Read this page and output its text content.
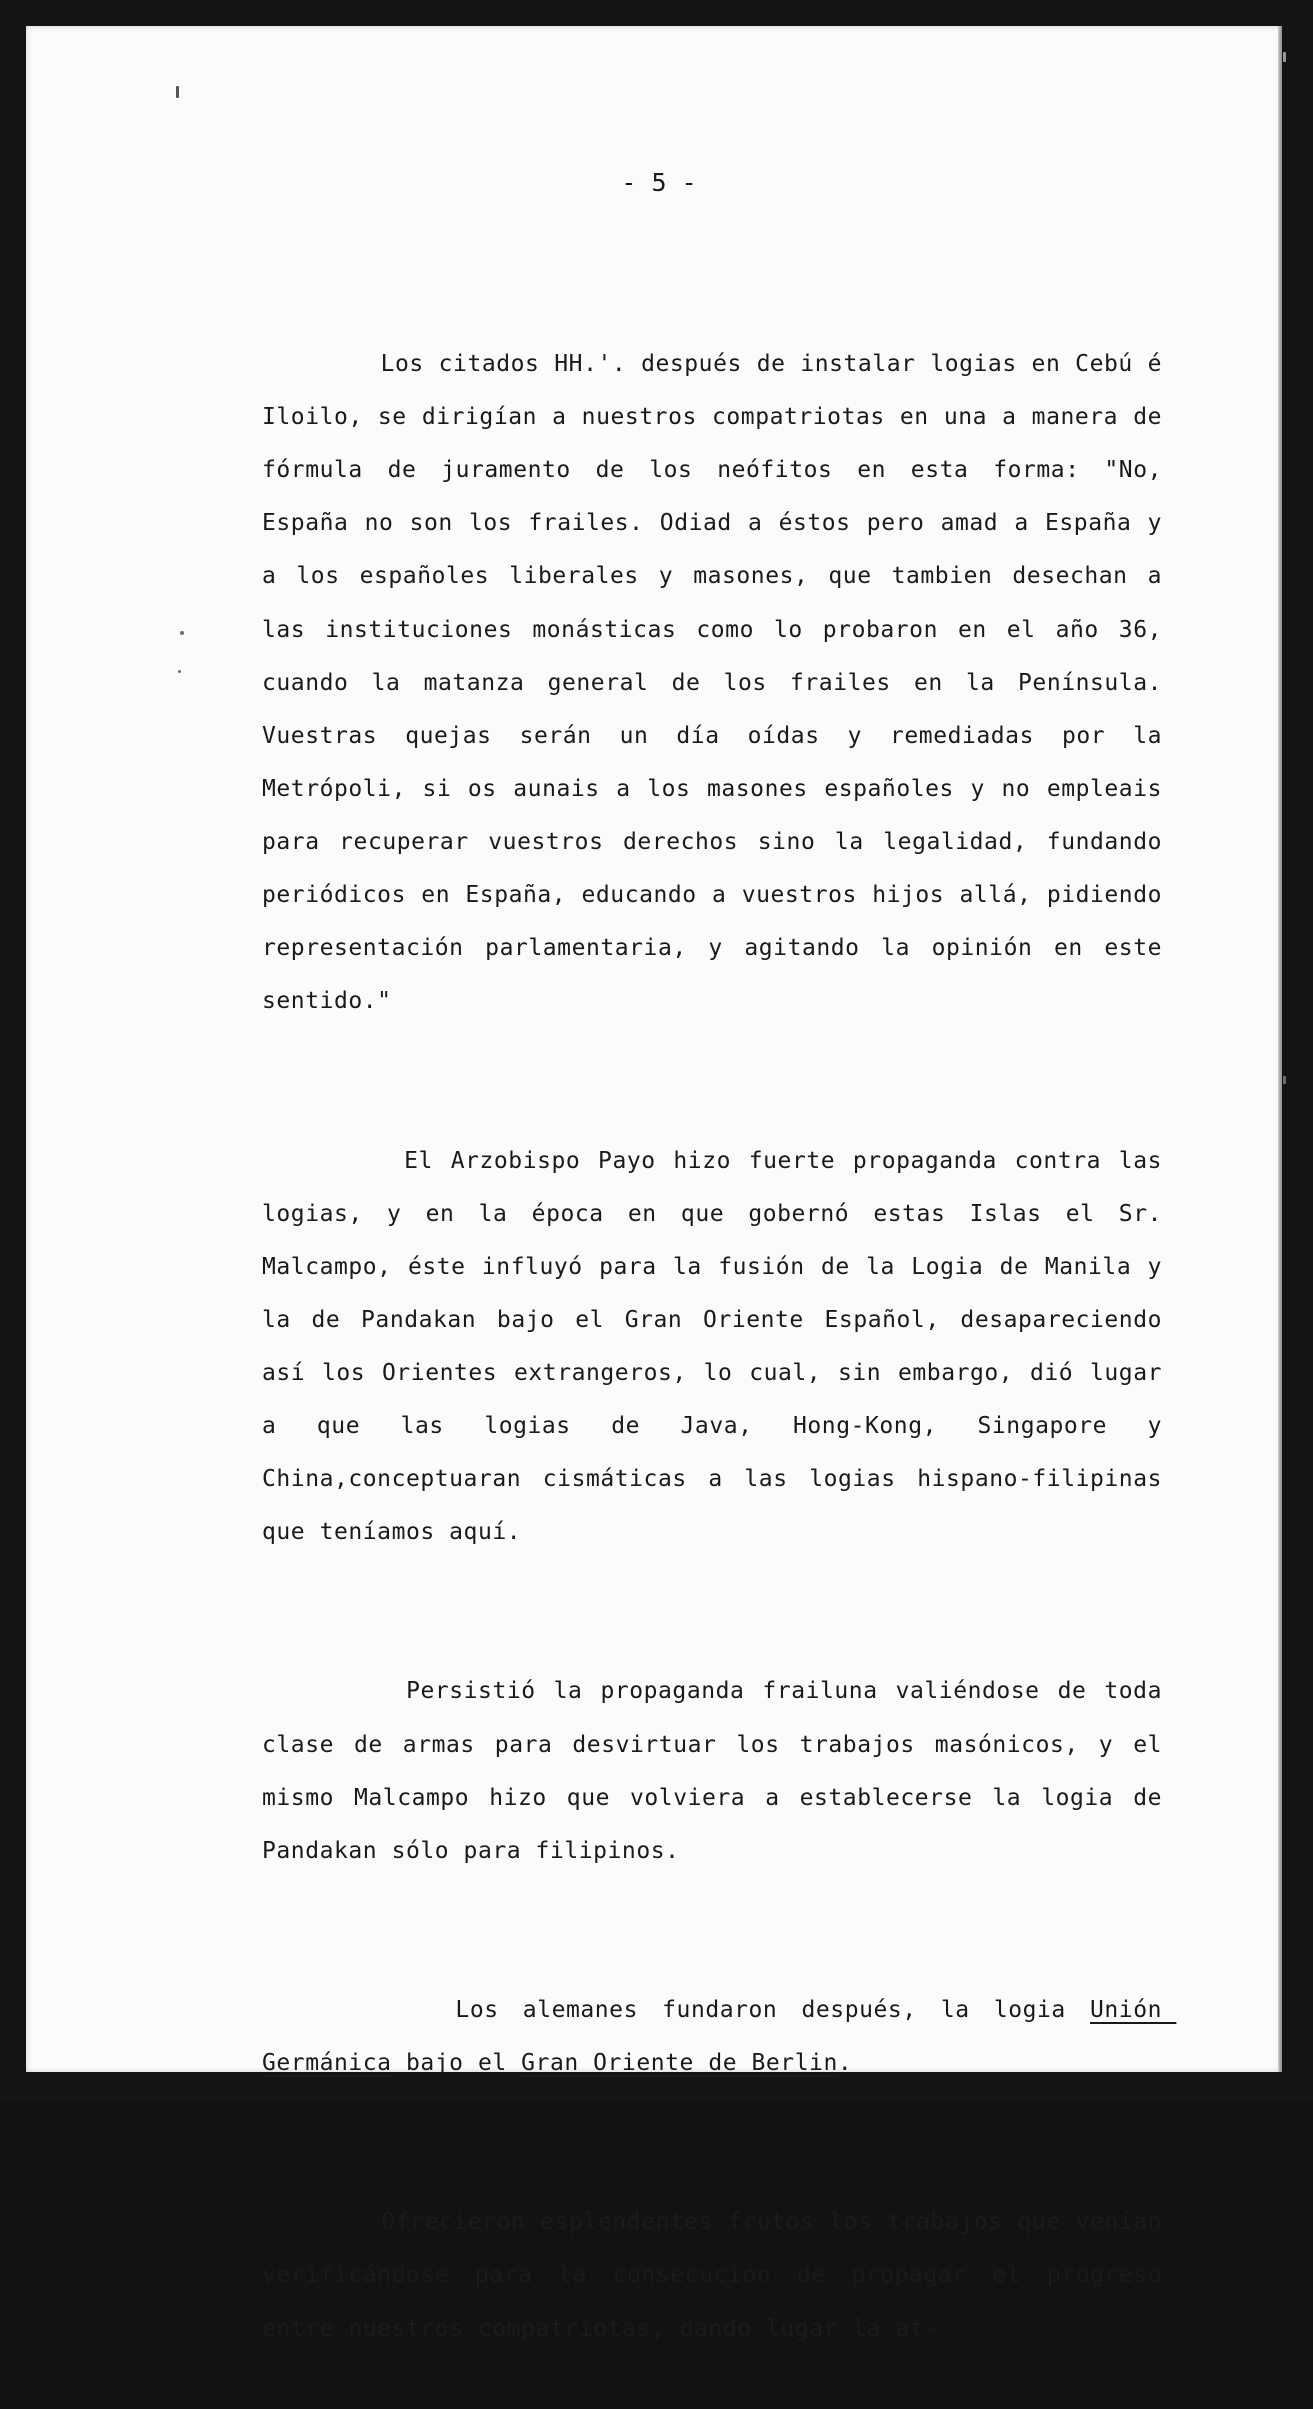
- 5 -

Los citados HH.'. después de instalar logias en Cebú é Iloilo, se dirigían a nuestros compatriotas en una a manera de fórmula de juramento de los neófitos en esta forma: "No, España no son los frailes. Odiad a éstos pero amad a España y a los españoles liberales y masones, que tambien desechan a las instituciones monásticas como lo probaron en el año 36, cuando la matanza general de los frailes en la Península. Vuestras quejas serán un día oídas y remediadas por la Metrópoli, si os aunais a los masones españoles y no empleais para recuperar vuestros derechos sino la legalidad, fundando periódicos en España, educando a vuestros hijos allá, pidiendo representación parlamentaria, y agitando la opinión en este sentido."

El Arzobispo Payo hizo fuerte propaganda contra las logias, y en la época en que gobernó estas Islas el Sr. Malcampo, éste influyó para la fusión de la Logia de Manila y la de Pandakan bajo el Gran Oriente Español, desapareciendo así los Orientes extrangeros, lo cual, sin embargo, dió lugar a que las logias de Java, Hong-Kong, Singapore y China,conceptuaran cismáticas a las logias hispano-filipinas que teníamos aquí.

Persistió la propaganda frailuna valiéndose de toda clase de armas para desvirtuar los trabajos masónicos, y el mismo Malcampo hizo que volviera a establecerse la logia de Pandakan sólo para filipinos.

Los alemanes fundaron después, la logia Unión Germánica bajo el Gran Oriente de Berlin.

Ofrecieron esplendentes frutos los trabajos que venían verificándose para la consecución de propagar el progreso entre nuestros compatriotas, dando lugar la at-
